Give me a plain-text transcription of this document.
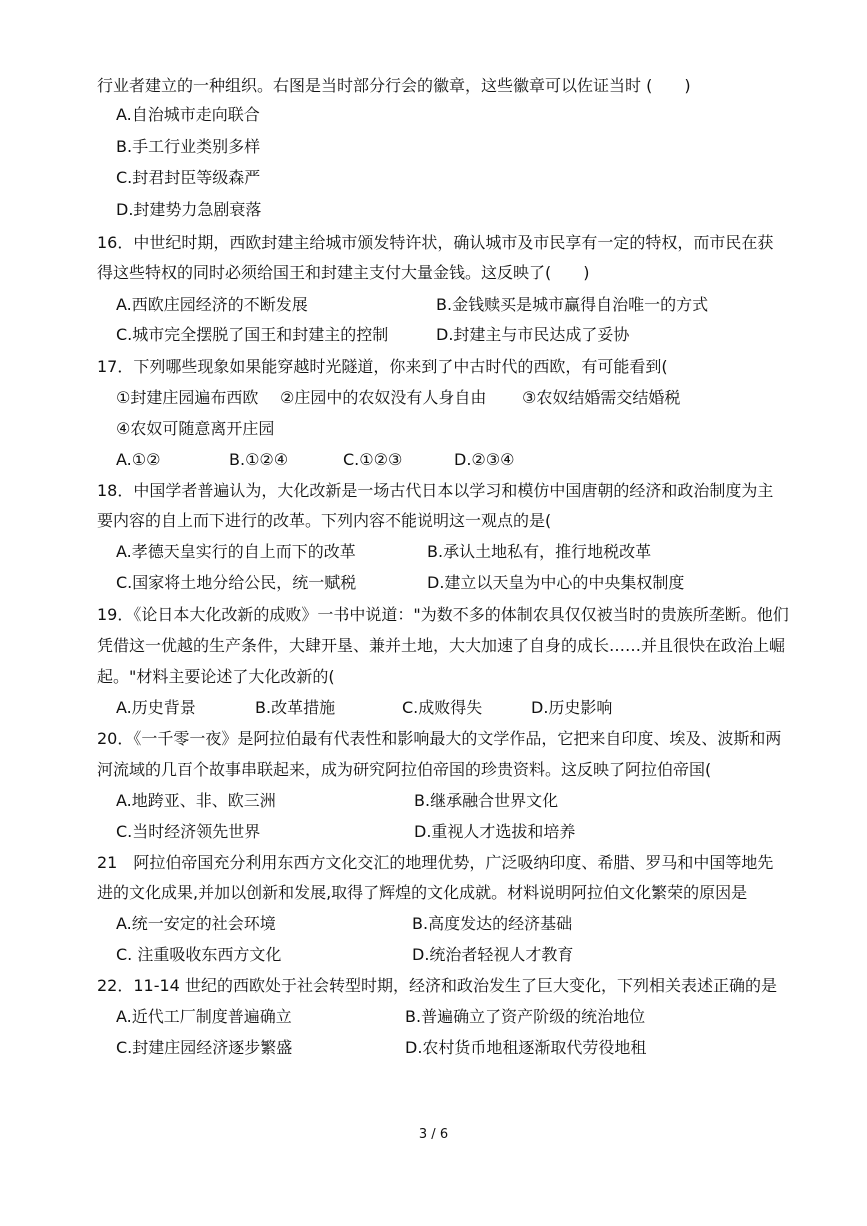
行业者建立的一种组织。右图是当时部分行会的徽章，这些徽章可以佐证当时 (　　)
A.自治城市走向联合
B.手工行业类别多样
C.封君封臣等级森严
D.封建势力急剧衰落
16．中世纪时期，西欧封建主给城市颁发特许状，确认城市及市民享有一定的特权，而市民在获
得这些特权的同时必须给国王和封建主支付大量金钱。这反映了(　　)
A.西欧庄园经济的不断发展	B.金钱赎买是城市赢得自治唯一的方式
C.城市完全摆脱了国王和封建主的控制	D.封建主与市民达成了妥协
17．下列哪些现象如果能穿越时光隧道，你来到了中古时代的西欧，有可能看到(
①封建庄园遍布西欧 ②庄园中的农奴没有人身自由 ③农奴结婚需交结婚税
④农奴可随意离开庄园
A.①②	B.①②④	C.①②③	D.②③④
18．中国学者普遍认为，大化改新是一场古代日本以学习和模仿中国唐朝的经济和政治制度为主
要内容的自上而下进行的改革。下列内容不能说明这一观点的是(
A.孝德天皇实行的自上而下的改革	B.承认土地私有，推行地税改革
C.国家将土地分给公民，统一赋税	D.建立以天皇为中心的中央集权制度
19．《论日本大化改新的成败》一书中说道："为数不多的体制农具仅仅被当时的贵族所垄断。他们
凭借这一优越的生产条件，大肆开垦、兼并土地，大大加速了自身的成长……并且很快在政治上崛
起。"材料主要论述了大化改新的(
A.历史背景	B.改革措施	C.成败得失	D.历史影响
20．《一千零一夜》是阿拉伯最有代表性和影响最大的文学作品，它把来自印度、埃及、波斯和两
河流域的几百个故事串联起来，成为研究阿拉伯帝国的珍贵资料。这反映了阿拉伯帝国(
A.地跨亚、非、欧三洲	B.继承融合世界文化
C.当时经济领先世界	D.重视人才选拔和培养
21　阿拉伯帝国充分利用东西方文化交汇的地理优势，广泛吸纳印度、希腊、罗马和中国等地先
进的文化成果,并加以创新和发展,取得了辉煌的文化成就。材料说明阿拉伯文化繁荣的原因是
A.统一安定的社会环境	B.高度发达的经济基础
C. 注重吸收东西方文化	D.统治者轻视人才教育
22．11-14 世纪的西欧处于社会转型时期，经济和政治发生了巨大变化，下列相关表述正确的是
A.近代工厂制度普遍确立	B.普遍确立了资产阶级的统治地位
C.封建庄园经济逐步繁盛	D.农村货币地租逐渐取代劳役地租
3 / 6
